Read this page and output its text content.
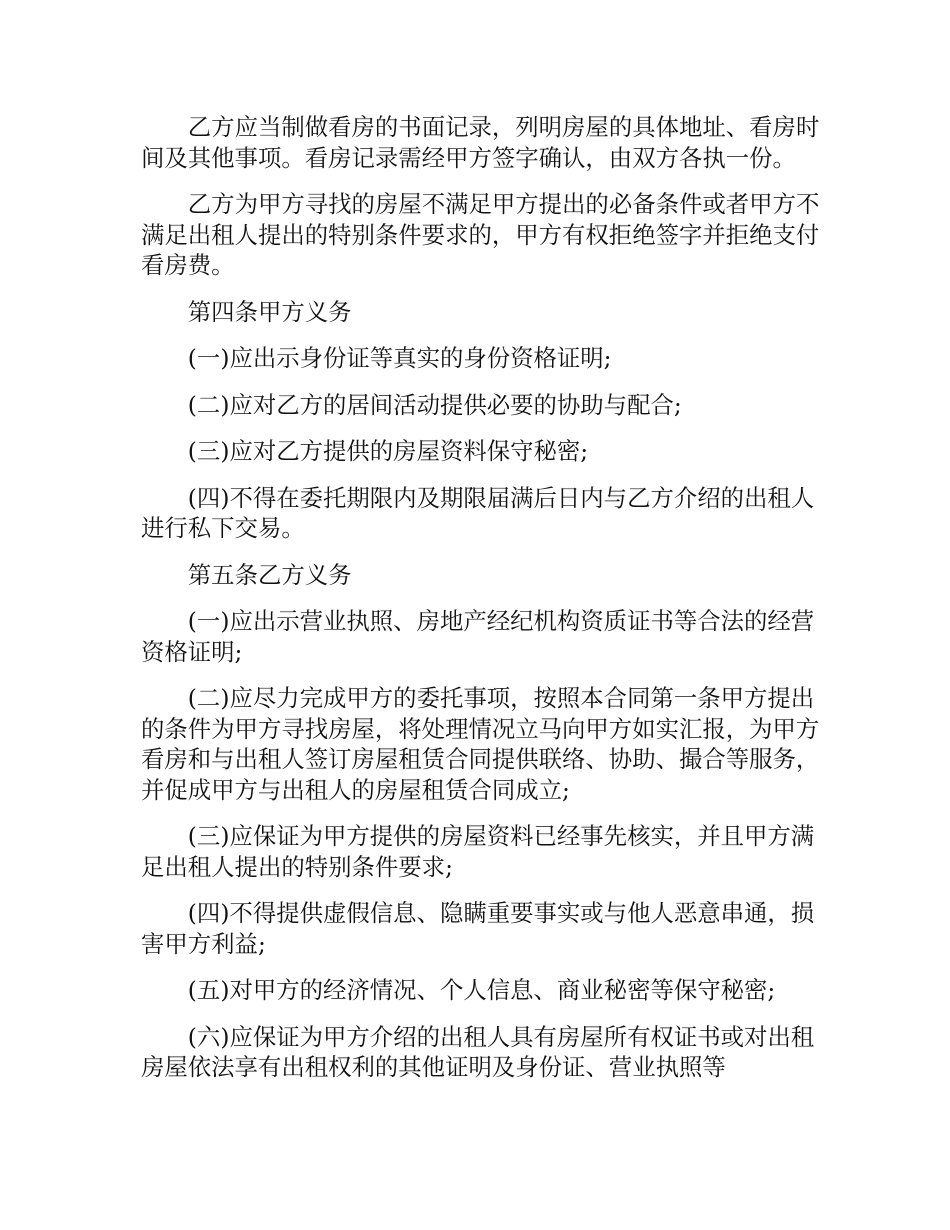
乙方应当制做看房的书面记录，列明房屋的具体地址、看房时间及其他事项。看房记录需经甲方签字确认，由双方各执一份。

乙方为甲方寻找的房屋不满足甲方提出的必备条件或者甲方不满足出租人提出的特别条件要求的，甲方有权拒绝签字并拒绝支付看房费。

第四条甲方义务

(一)应出示身份证等真实的身份资格证明;

(二)应对乙方的居间活动提供必要的协助与配合;

(三)应对乙方提供的房屋资料保守秘密;

(四)不得在委托期限内及期限届满后日内与乙方介绍的出租人进行私下交易。

第五条乙方义务

(一)应出示营业执照、房地产经纪机构资质证书等合法的经营资格证明;

(二)应尽力完成甲方的委托事项，按照本合同第一条甲方提出的条件为甲方寻找房屋，将处理情况立马向甲方如实汇报，为甲方看房和与出租人签订房屋租赁合同提供联络、协助、撮合等服务，并促成甲方与出租人的房屋租赁合同成立;

(三)应保证为甲方提供的房屋资料已经事先核实，并且甲方满足出租人提出的特别条件要求;

(四)不得提供虚假信息、隐瞒重要事实或与他人恶意串通，损害甲方利益;

(五)对甲方的经济情况、个人信息、商业秘密等保守秘密;

(六)应保证为甲方介绍的出租人具有房屋所有权证书或对出租房屋依法享有出租权利的其他证明及身份证、营业执照等
